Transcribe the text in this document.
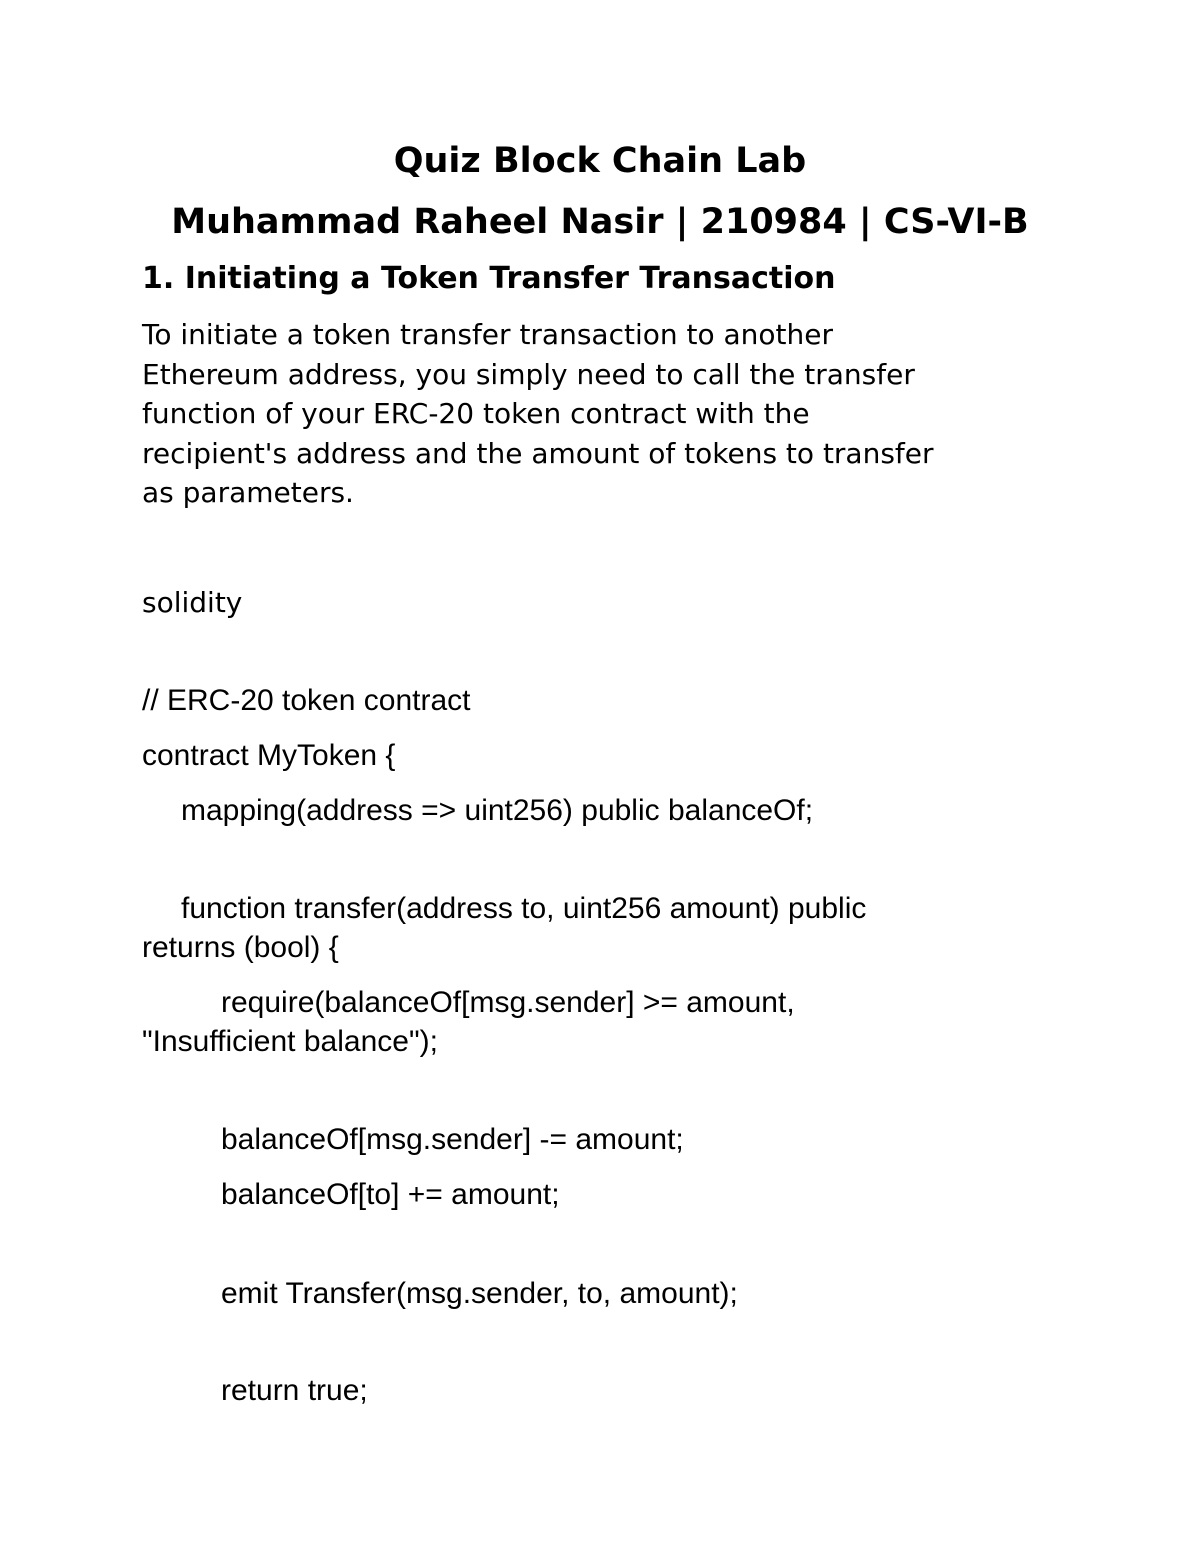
Quiz Block Chain Lab
Muhammad Raheel Nasir | 210984 | CS-VI-B
1. Initiating a Token Transfer Transaction
To initiate a token transfer transaction to another
Ethereum address, you simply need to call the transfer
function of your ERC-20 token contract with the
recipient's address and the amount of tokens to transfer
as parameters.
solidity
// ERC-20 token contract
contract MyToken {
mapping(address => uint256) public balanceOf;
function transfer(address to, uint256 amount) public
returns (bool) {
require(balanceOf[msg.sender] >= amount,
"Insufficient balance");
balanceOf[msg.sender] -= amount;
balanceOf[to] += amount;
emit Transfer(msg.sender, to, amount);
return true;
